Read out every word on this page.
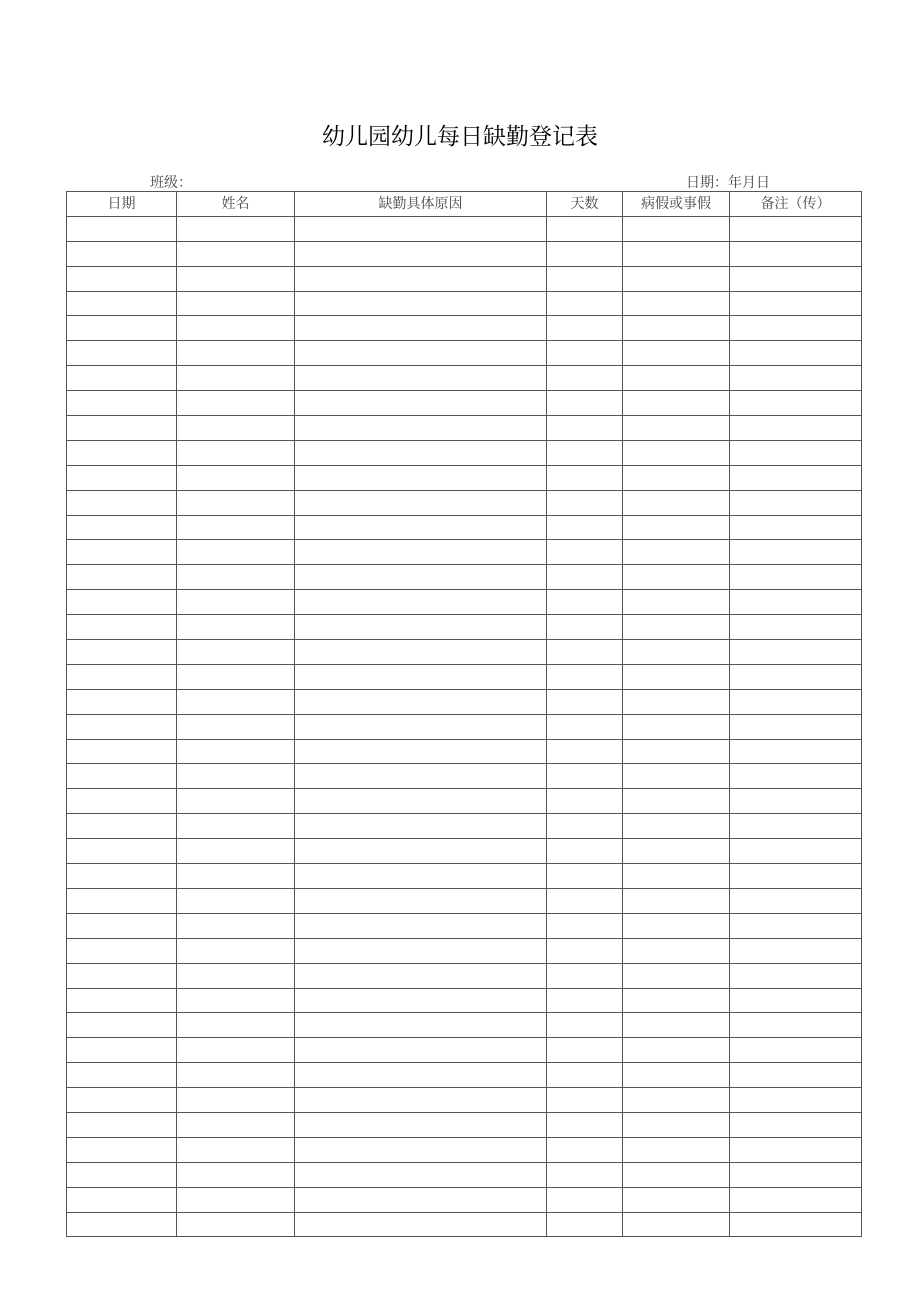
幼儿园幼儿每日缺勤登记表
班级：	日期：年月日
日期	姓名	缺勤具体原因	天数	病假或事假	备注（传）
